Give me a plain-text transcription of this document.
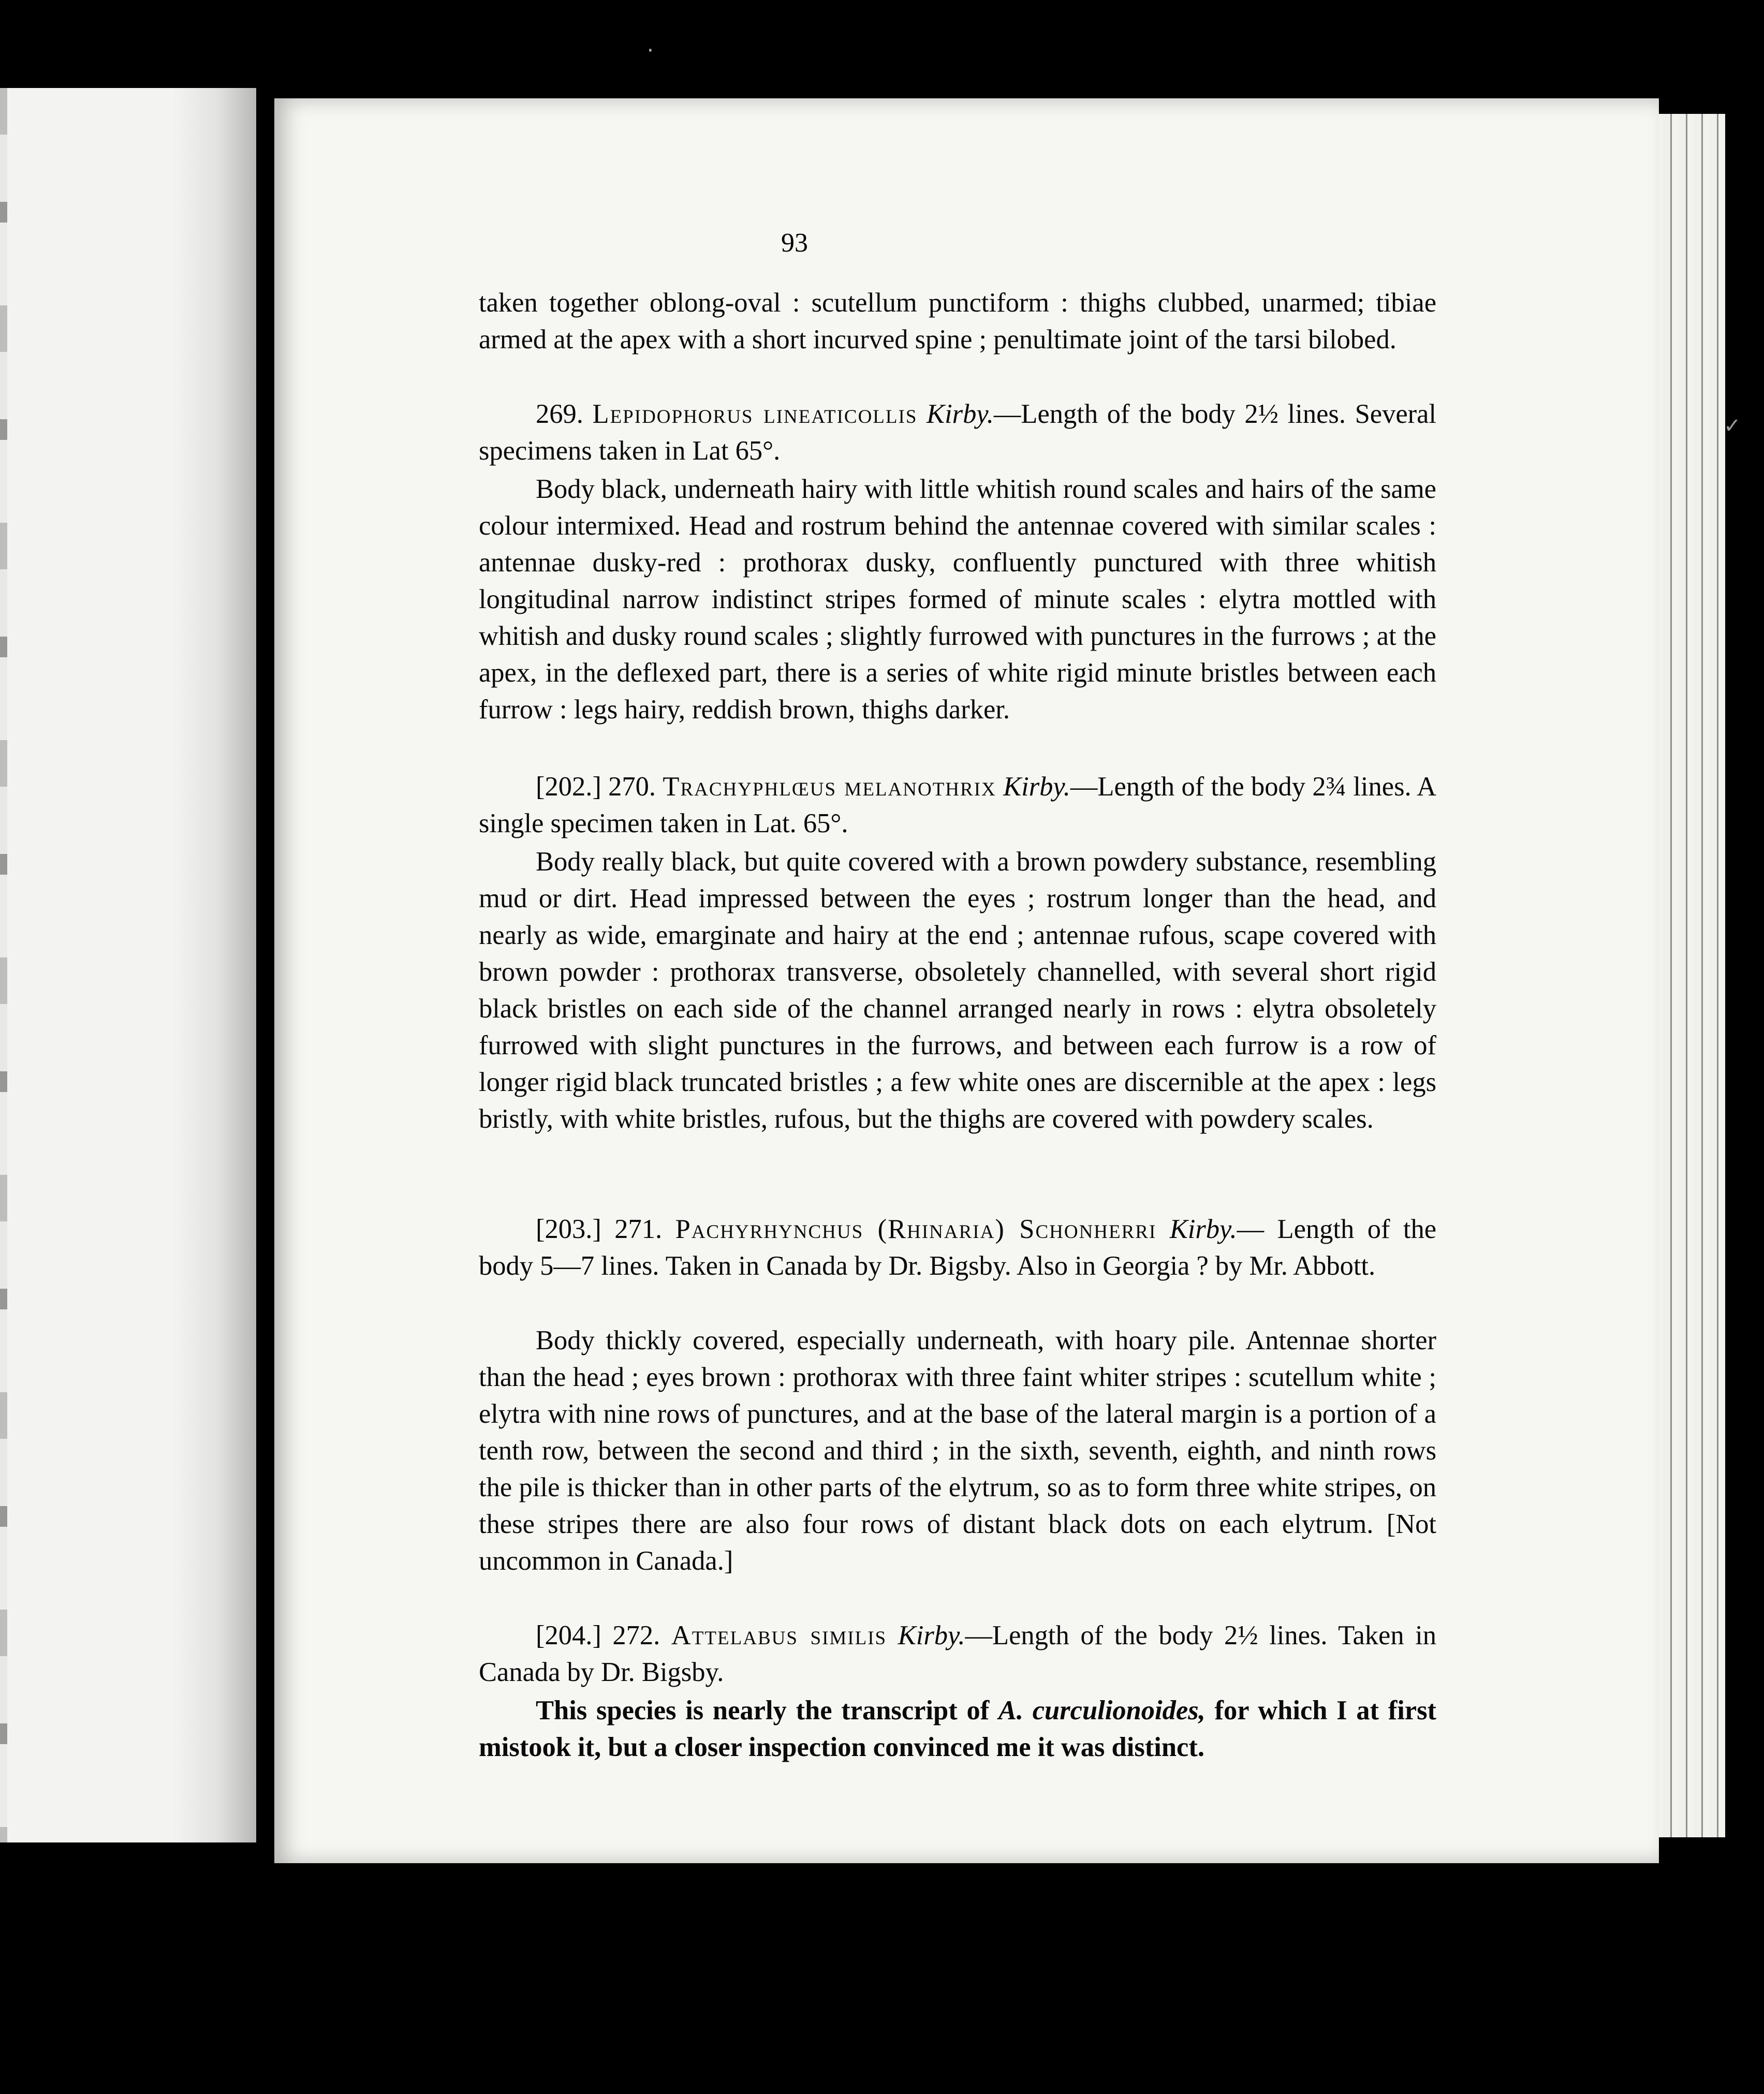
93

taken together oblong-oval : scutellum punctiform : thighs clubbed, unarmed; tibiae armed at the apex with a short incurved spine ; penultimate joint of the tarsi bilobed.

269. Lepidophorus lineaticollis Kirby.—Length of the body 2½ lines. Several specimens taken in Lat 65°.

Body black, underneath hairy with little whitish round scales and hairs of the same colour intermixed. Head and rostrum behind the antennae covered with similar scales : antennae dusky-red : prothorax dusky, confluently punctured with three whitish longitudinal narrow indistinct stripes formed of minute scales : elytra mottled with whitish and dusky round scales ; slightly furrowed with punctures in the furrows ; at the apex, in the deflexed part, there is a series of white rigid minute bristles between each furrow : legs hairy, reddish brown, thighs darker.

[202.] 270. Trachyphlœus melanothrix Kirby.—Length of the body 2¾ lines. A single specimen taken in Lat. 65°.

Body really black, but quite covered with a brown powdery substance, resembling mud or dirt. Head impressed between the eyes ; rostrum longer than the head, and nearly as wide, emarginate and hairy at the end ; antennae rufous, scape covered with brown powder : prothorax transverse, obsoletely channelled, with several short rigid black bristles on each side of the channel arranged nearly in rows : elytra obsoletely furrowed with slight punctures in the furrows, and between each furrow is a row of longer rigid black truncated bristles ; a few white ones are discernible at the apex : legs bristly, with white bristles, rufous, but the thighs are covered with powdery scales.

[203.] 271. Pachyrhynchus (Rhinaria) Schonherri Kirby.— Length of the body 5—7 lines. Taken in Canada by Dr. Bigsby. Also in Georgia ? by Mr. Abbott.

Body thickly covered, especially underneath, with hoary pile. Antennae shorter than the head ; eyes brown : prothorax with three faint whiter stripes : scutellum white ; elytra with nine rows of punctures, and at the base of the lateral margin is a portion of a tenth row, between the second and third ; in the sixth, seventh, eighth, and ninth rows the pile is thicker than in other parts of the elytrum, so as to form three white stripes, on these stripes there are also four rows of distant black dots on each elytrum. [Not uncommon in Canada.]

[204.] 272. Attelabus similis Kirby.—Length of the body 2½ lines. Taken in Canada by Dr. Bigsby.

This species is nearly the transcript of A. curculionoides, for which I at first mistook it, but a closer inspection convinced me it was distinct.

·
✓
